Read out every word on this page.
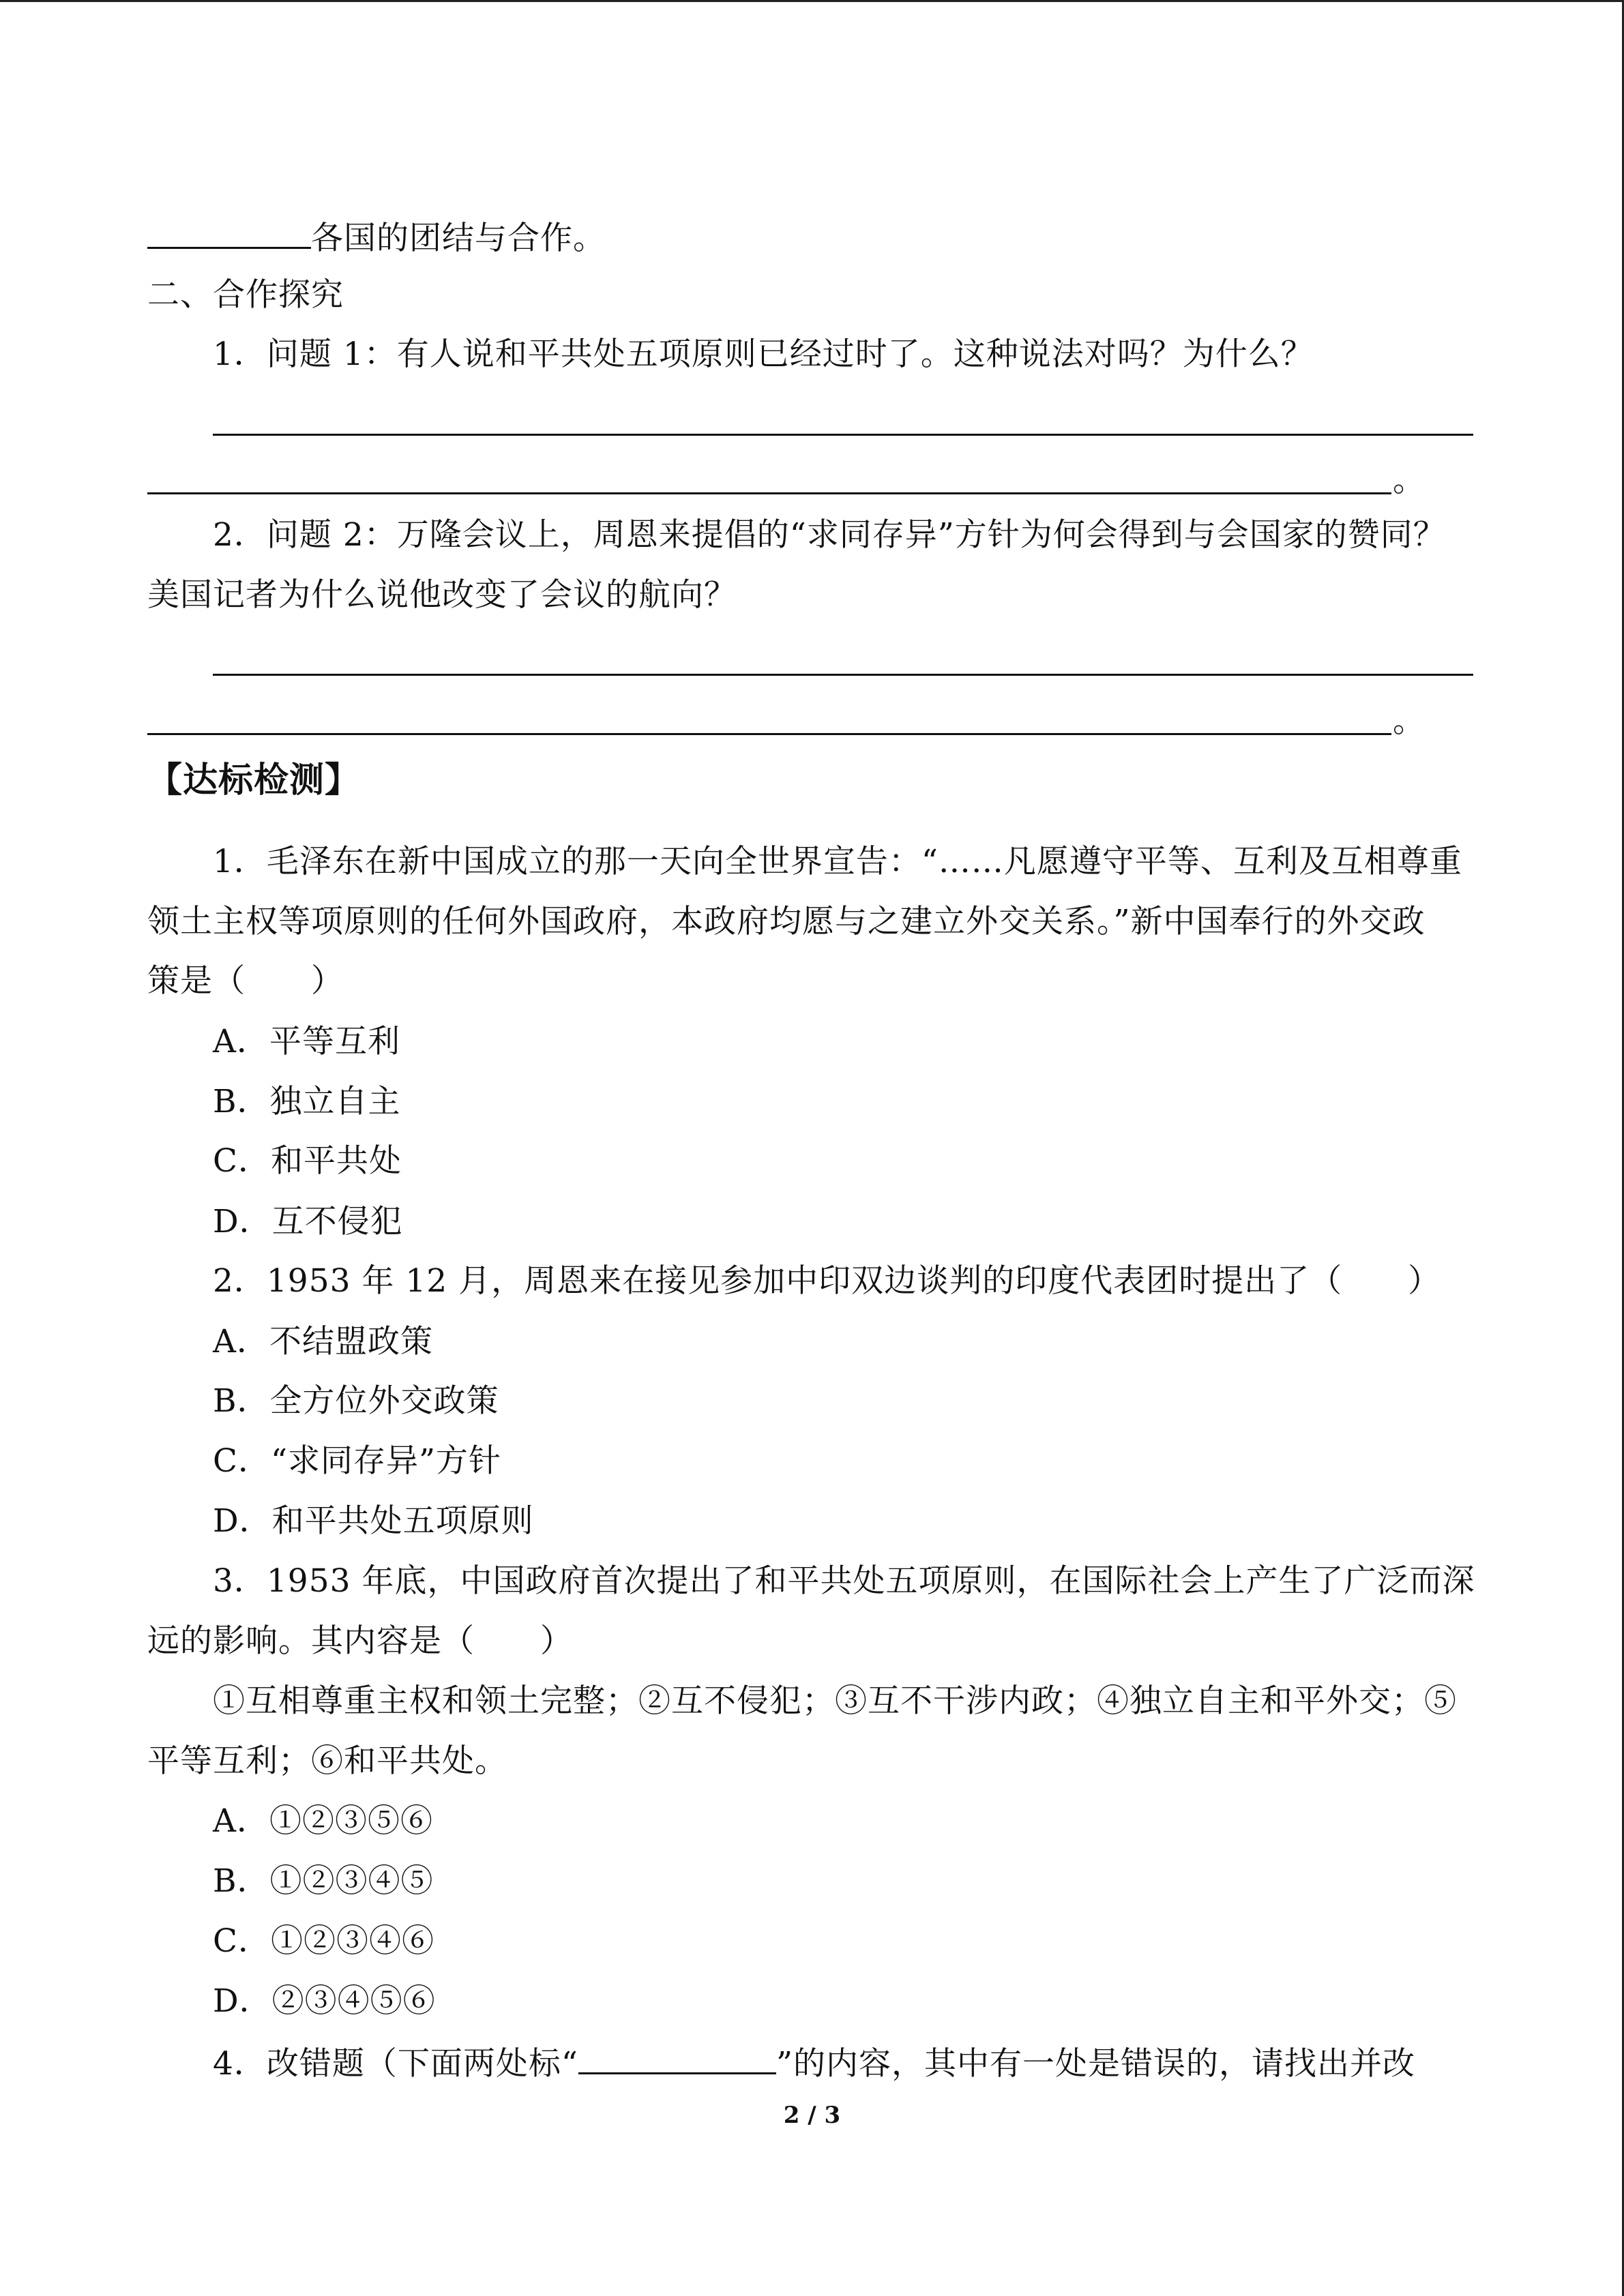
各国的团结与合作。
二、合作探究
1．问题 1：有人说和平共处五项原则已经过时了。这种说法对吗？为什么？
。
2．问题 2：万隆会议上，周恩来提倡的“求同存异”方针为何会得到与会国家的赞同？
美国记者为什么说他改变了会议的航向？
。
【达标检测】
1．毛泽东在新中国成立的那一天向全世界宣告：“……凡愿遵守平等、互利及互相尊重
领土主权等项原则的任何外国政府，本政府均愿与之建立外交关系。”新中国奉行的外交政
策是（　　）
A．平等互利
B．独立自主
C．和平共处
D．互不侵犯
2．1953 年 12 月，周恩来在接见参加中印双边谈判的印度代表团时提出了（　　）
A．不结盟政策
B．全方位外交政策
C．“求同存异”方针
D．和平共处五项原则
3．1953 年底，中国政府首次提出了和平共处五项原则，在国际社会上产生了广泛而深
远的影响。其内容是（　　）
①互相尊重主权和领土完整；②互不侵犯；③互不干涉内政；④独立自主和平外交；⑤
平等互利；⑥和平共处。
A．①②③⑤⑥
B．①②③④⑤
C．①②③④⑥
D．②③④⑤⑥
4．改错题（下面两处标“	”的内容，其中有一处是错误的，请找出并改
2 / 3
